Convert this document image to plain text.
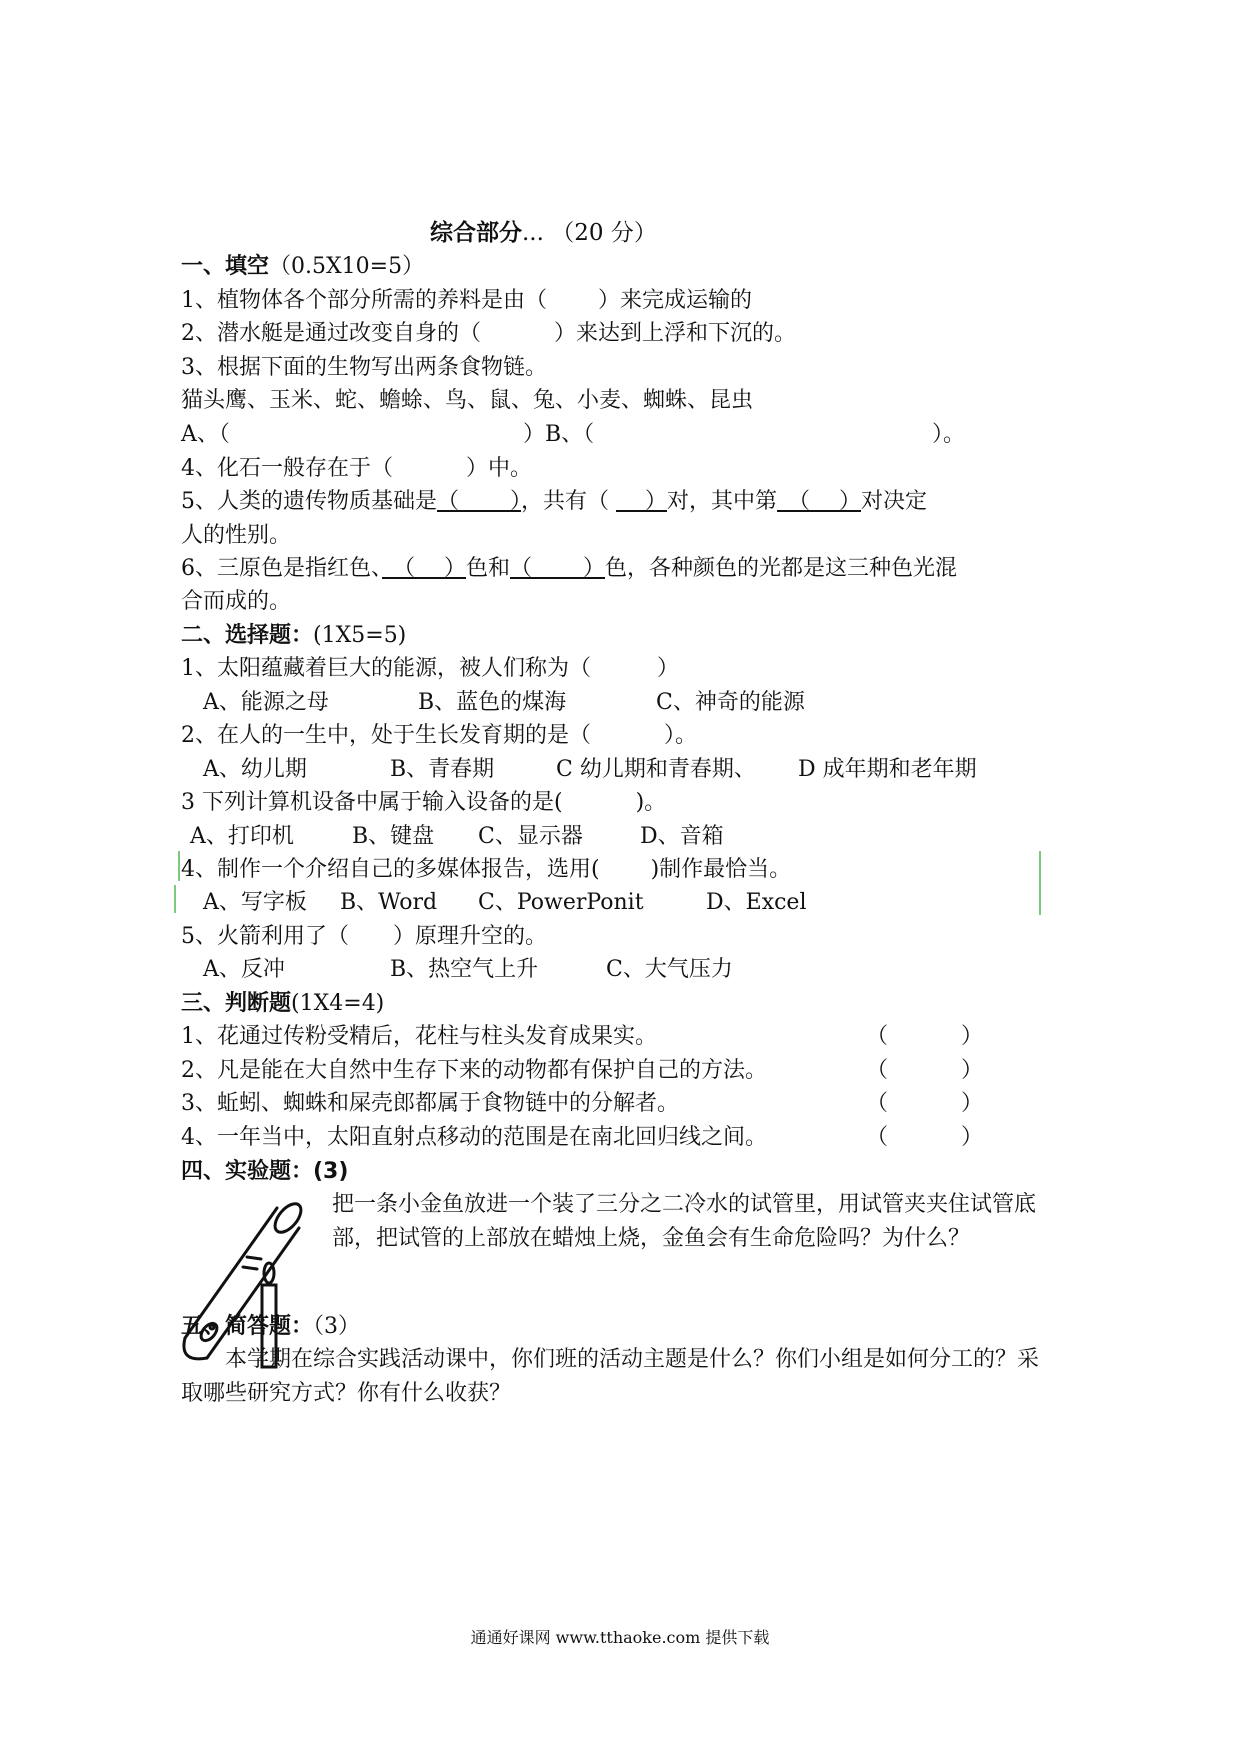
综合部分... （20 分）
一、填空（0.5X10=5）
1、植物体各个部分所需的养料是由（　　 ）来完成运输的
2、潜水艇是通过改变自身的（　　　 ）来达到上浮和下沉的。
3、根据下面的生物写出两条食物链。
猫头鹰、玉米、蛇、蟾蜍、鸟、鼠、兔、小麦、蜘蛛、昆虫
A、（	）B、（	）。
4、化石一般存在于（　　　 ）中。
5、人类的遗传物质基础是（　　 ），共有（ 　 ）对，其中第　（　 ）对决定
人的性别。
6、三原色是指红色、　（　 ）色和（　　 ）色，各种颜色的光都是这三种色光混
合而成的。
二、选择题：(1X5=5)
1、太阳蕴藏着巨大的能源，被人们称为（　　　）
A、能源之母	B、蓝色的煤海	C、神奇的能源
2、在人的一生中，处于生长发育期的是（　　　 ）。
A、幼儿期	B、青春期	C 幼儿期和青春期、 D 成年期和老年期
3 下列计算机设备中属于输入设备的是(　　　 )。
A、打印机	B、键盘 C、显示器	D、音箱
4、制作一个介绍自己的多媒体报告，选用(　　 )制作最恰当。
A、写字板 B、Word C、PowerPonit	D、Excel
5、火箭利用了（　　）原理升空的。
A、反冲	B、热空气上升	C、大气压力
三、判断题(1X4=4)
1、花通过传粉受精后，花柱与柱头发育成果实。	（　　　 ）
2、凡是能在大自然中生存下来的动物都有保护自己的方法。	（　　　 ）
3、蚯蚓、蜘蛛和屎壳郎都属于食物链中的分解者。	（　　　 ）
4、一年当中，太阳直射点移动的范围是在南北回归线之间。	（　　　 ）
四、实验题：(3)
把一条小金鱼放进一个装了三分之二冷水的试管里，用试管夹夹住试管底部，把试管的上部放在蜡烛上烧，金鱼会有生命危险吗？为什么？
五、简答题：（3）
本学期在综合实践活动课中，你们班的活动主题是什么？你们小组是如何分工的？采取哪些研究方式？你有什么收获？
通通好课网 www.tthaoke.com 提供下载
